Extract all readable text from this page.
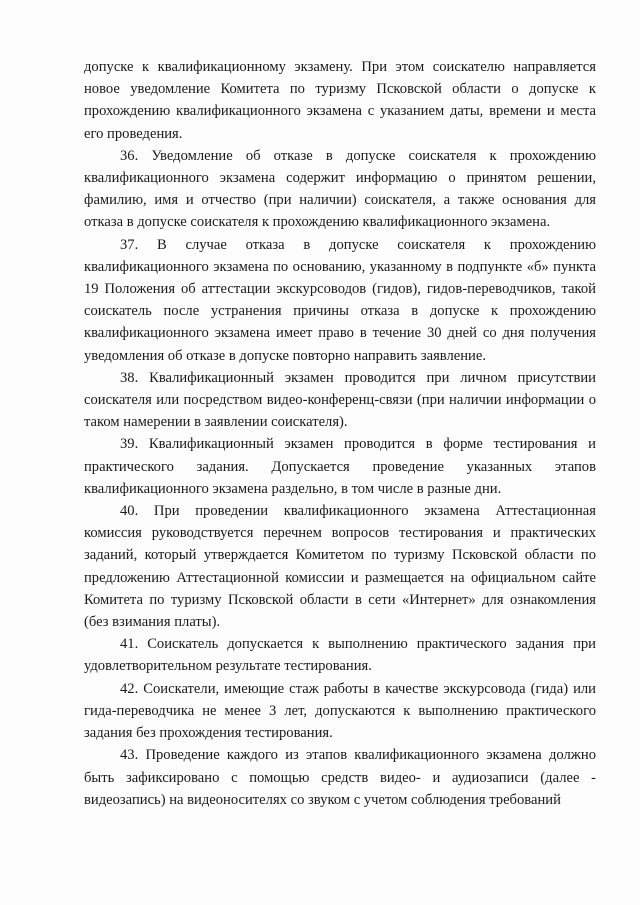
допуске к квалификационному экзамену. При этом соискателю направляется новое уведомление Комитета по туризму Псковской области о допуске к прохождению квалификационного экзамена с указанием даты, времени и места его проведения.

36. Уведомление об отказе в допуске соискателя к прохождению квалификационного экзамена содержит информацию о принятом решении, фамилию, имя и отчество (при наличии) соискателя, а также основания для отказа в допуске соискателя к прохождению квалификационного экзамена.

37. В случае отказа в допуске соискателя к прохождению квалификационного экзамена по основанию, указанному в подпункте «б» пункта 19 Положения об аттестации экскурсоводов (гидов), гидов-переводчиков, такой соискатель после устранения причины отказа в допуске к прохождению квалификационного экзамена имеет право в течение 30 дней со дня получения уведомления об отказе в допуске повторно направить заявление.

38. Квалификационный экзамен проводится при личном присутствии соискателя или посредством видео-конференц-связи (при наличии информации о таком намерении в заявлении соискателя).

39. Квалификационный экзамен проводится в форме тестирования и практического задания. Допускается проведение указанных этапов квалификационного экзамена раздельно, в том числе в разные дни.

40. При проведении квалификационного экзамена Аттестационная комиссия руководствуется перечнем вопросов тестирования и практических заданий, который утверждается Комитетом по туризму Псковской области по предложению Аттестационной комиссии и размещается на официальном сайте Комитета по туризму Псковской области в сети «Интернет» для ознакомления (без взимания платы).

41. Соискатель допускается к выполнению практического задания при удовлетворительном результате тестирования.

42. Соискатели, имеющие стаж работы в качестве экскурсовода (гида) или гида-переводчика не менее 3 лет, допускаются к выполнению практического задания без прохождения тестирования.

43. Проведение каждого из этапов квалификационного экзамена должно быть зафиксировано с помощью средств видео- и аудиозаписи (далее - видеозапись) на видеоносителях со звуком с учетом соблюдения требований
